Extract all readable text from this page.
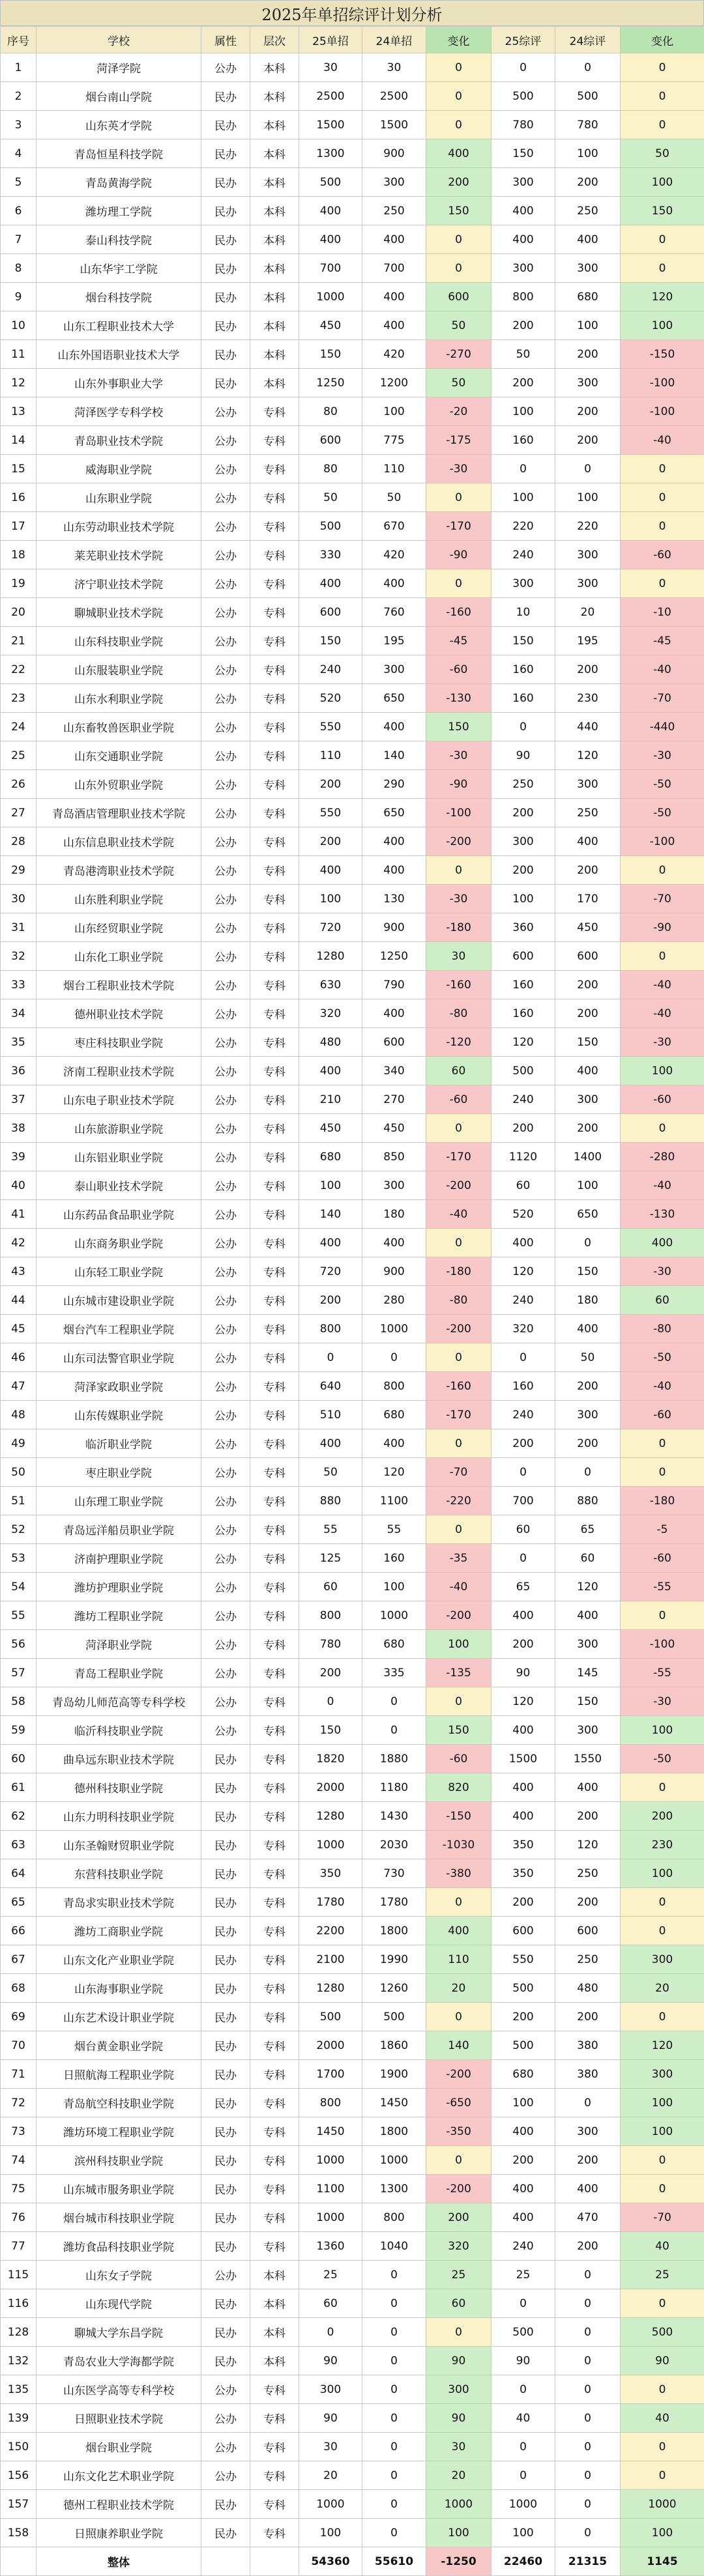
2025年单招综评计划分析
序号	学校	属性	层次	25单招	24单招	变化	25综评	24综评	变化
1	菏泽学院	公办	本科	30	30	0	0	0	0
2	烟台南山学院	民办	本科	2500	2500	0	500	500	0
3	山东英才学院	民办	本科	1500	1500	0	780	780	0
4	青岛恒星科技学院	民办	本科	1300	900	400	150	100	50
5	青岛黄海学院	民办	本科	500	300	200	300	200	100
6	潍坊理工学院	民办	本科	400	250	150	400	250	150
7	泰山科技学院	民办	本科	400	400	0	400	400	0
8	山东华宇工学院	民办	本科	700	700	0	300	300	0
9	烟台科技学院	民办	本科	1000	400	600	800	680	120
10	山东工程职业技术大学	民办	本科	450	400	50	200	100	100
11	山东外国语职业技术大学	民办	本科	150	420	-270	50	200	-150
12	山东外事职业大学	民办	本科	1250	1200	50	200	300	-100
13	菏泽医学专科学校	公办	专科	80	100	-20	100	200	-100
14	青岛职业技术学院	公办	专科	600	775	-175	160	200	-40
15	威海职业学院	公办	专科	80	110	-30	0	0	0
16	山东职业学院	公办	专科	50	50	0	100	100	0
17	山东劳动职业技术学院	公办	专科	500	670	-170	220	220	0
18	莱芜职业技术学院	公办	专科	330	420	-90	240	300	-60
19	济宁职业技术学院	公办	专科	400	400	0	300	300	0
20	聊城职业技术学院	公办	专科	600	760	-160	10	20	-10
21	山东科技职业学院	公办	专科	150	195	-45	150	195	-45
22	山东服装职业学院	公办	专科	240	300	-60	160	200	-40
23	山东水利职业学院	公办	专科	520	650	-130	160	230	-70
24	山东畜牧兽医职业学院	公办	专科	550	400	150	0	440	-440
25	山东交通职业学院	公办	专科	110	140	-30	90	120	-30
26	山东外贸职业学院	公办	专科	200	290	-90	250	300	-50
27	青岛酒店管理职业技术学院	公办	专科	550	650	-100	200	250	-50
28	山东信息职业技术学院	公办	专科	200	400	-200	300	400	-100
29	青岛港湾职业技术学院	公办	专科	400	400	0	200	200	0
30	山东胜利职业学院	公办	专科	100	130	-30	100	170	-70
31	山东经贸职业学院	公办	专科	720	900	-180	360	450	-90
32	山东化工职业学院	公办	专科	1280	1250	30	600	600	0
33	烟台工程职业技术学院	公办	专科	630	790	-160	160	200	-40
34	德州职业技术学院	公办	专科	320	400	-80	160	200	-40
35	枣庄科技职业学院	公办	专科	480	600	-120	120	150	-30
36	济南工程职业技术学院	公办	专科	400	340	60	500	400	100
37	山东电子职业技术学院	公办	专科	210	270	-60	240	300	-60
38	山东旅游职业学院	公办	专科	450	450	0	200	200	0
39	山东铝业职业学院	公办	专科	680	850	-170	1120	1400	-280
40	泰山职业技术学院	公办	专科	100	300	-200	60	100	-40
41	山东药品食品职业学院	公办	专科	140	180	-40	520	650	-130
42	山东商务职业学院	公办	专科	400	400	0	400	0	400
43	山东轻工职业学院	公办	专科	720	900	-180	120	150	-30
44	山东城市建设职业学院	公办	专科	200	280	-80	240	180	60
45	烟台汽车工程职业学院	公办	专科	800	1000	-200	320	400	-80
46	山东司法警官职业学院	公办	专科	0	0	0	0	50	-50
47	菏泽家政职业学院	公办	专科	640	800	-160	160	200	-40
48	山东传媒职业学院	公办	专科	510	680	-170	240	300	-60
49	临沂职业学院	公办	专科	400	400	0	200	200	0
50	枣庄职业学院	公办	专科	50	120	-70	0	0	0
51	山东理工职业学院	公办	专科	880	1100	-220	700	880	-180
52	青岛远洋船员职业学院	公办	专科	55	55	0	60	65	-5
53	济南护理职业学院	公办	专科	125	160	-35	0	60	-60
54	潍坊护理职业学院	公办	专科	60	100	-40	65	120	-55
55	潍坊工程职业学院	公办	专科	800	1000	-200	400	400	0
56	菏泽职业学院	公办	专科	780	680	100	200	300	-100
57	青岛工程职业学院	公办	专科	200	335	-135	90	145	-55
58	青岛幼儿师范高等专科学校	公办	专科	0	0	0	120	150	-30
59	临沂科技职业学院	公办	专科	150	0	150	400	300	100
60	曲阜远东职业技术学院	民办	专科	1820	1880	-60	1500	1550	-50
61	德州科技职业学院	民办	专科	2000	1180	820	400	400	0
62	山东力明科技职业学院	民办	专科	1280	1430	-150	400	200	200
63	山东圣翰财贸职业学院	民办	专科	1000	2030	-1030	350	120	230
64	东营科技职业学院	民办	专科	350	730	-380	350	250	100
65	青岛求实职业技术学院	民办	专科	1780	1780	0	200	200	0
66	潍坊工商职业学院	民办	专科	2200	1800	400	600	600	0
67	山东文化产业职业学院	民办	专科	2100	1990	110	550	250	300
68	山东海事职业学院	民办	专科	1280	1260	20	500	480	20
69	山东艺术设计职业学院	民办	专科	500	500	0	200	200	0
70	烟台黄金职业学院	民办	专科	2000	1860	140	500	380	120
71	日照航海工程职业学院	民办	专科	1700	1900	-200	680	380	300
72	青岛航空科技职业学院	民办	专科	800	1450	-650	100	0	100
73	潍坊环境工程职业学院	民办	专科	1450	1800	-350	400	300	100
74	滨州科技职业学院	民办	专科	1000	1000	0	200	200	0
75	山东城市服务职业学院	民办	专科	1100	1300	-200	400	400	0
76	烟台城市科技职业学院	民办	专科	1000	800	200	400	470	-70
77	潍坊食品科技职业学院	民办	专科	1360	1040	320	240	200	40
115	山东女子学院	公办	本科	25	0	25	25	0	25
116	山东现代学院	民办	本科	60	0	60	0	0	0
128	聊城大学东昌学院	民办	本科	0	0	0	500	0	500
132	青岛农业大学海都学院	民办	本科	90	0	90	90	0	90
135	山东医学高等专科学校	公办	专科	300	0	300	0	0	0
139	日照职业技术学院	公办	专科	90	0	90	40	0	40
150	烟台职业学院	公办	专科	30	0	30	0	0	0
156	山东文化艺术职业学院	公办	专科	20	0	20	0	0	0
157	德州工程职业技术学院	民办	专科	1000	0	1000	1000	0	1000
158	日照康养职业学院	民办	专科	100	0	100	100	0	100
	整体			54360	55610	-1250	22460	21315	1145
